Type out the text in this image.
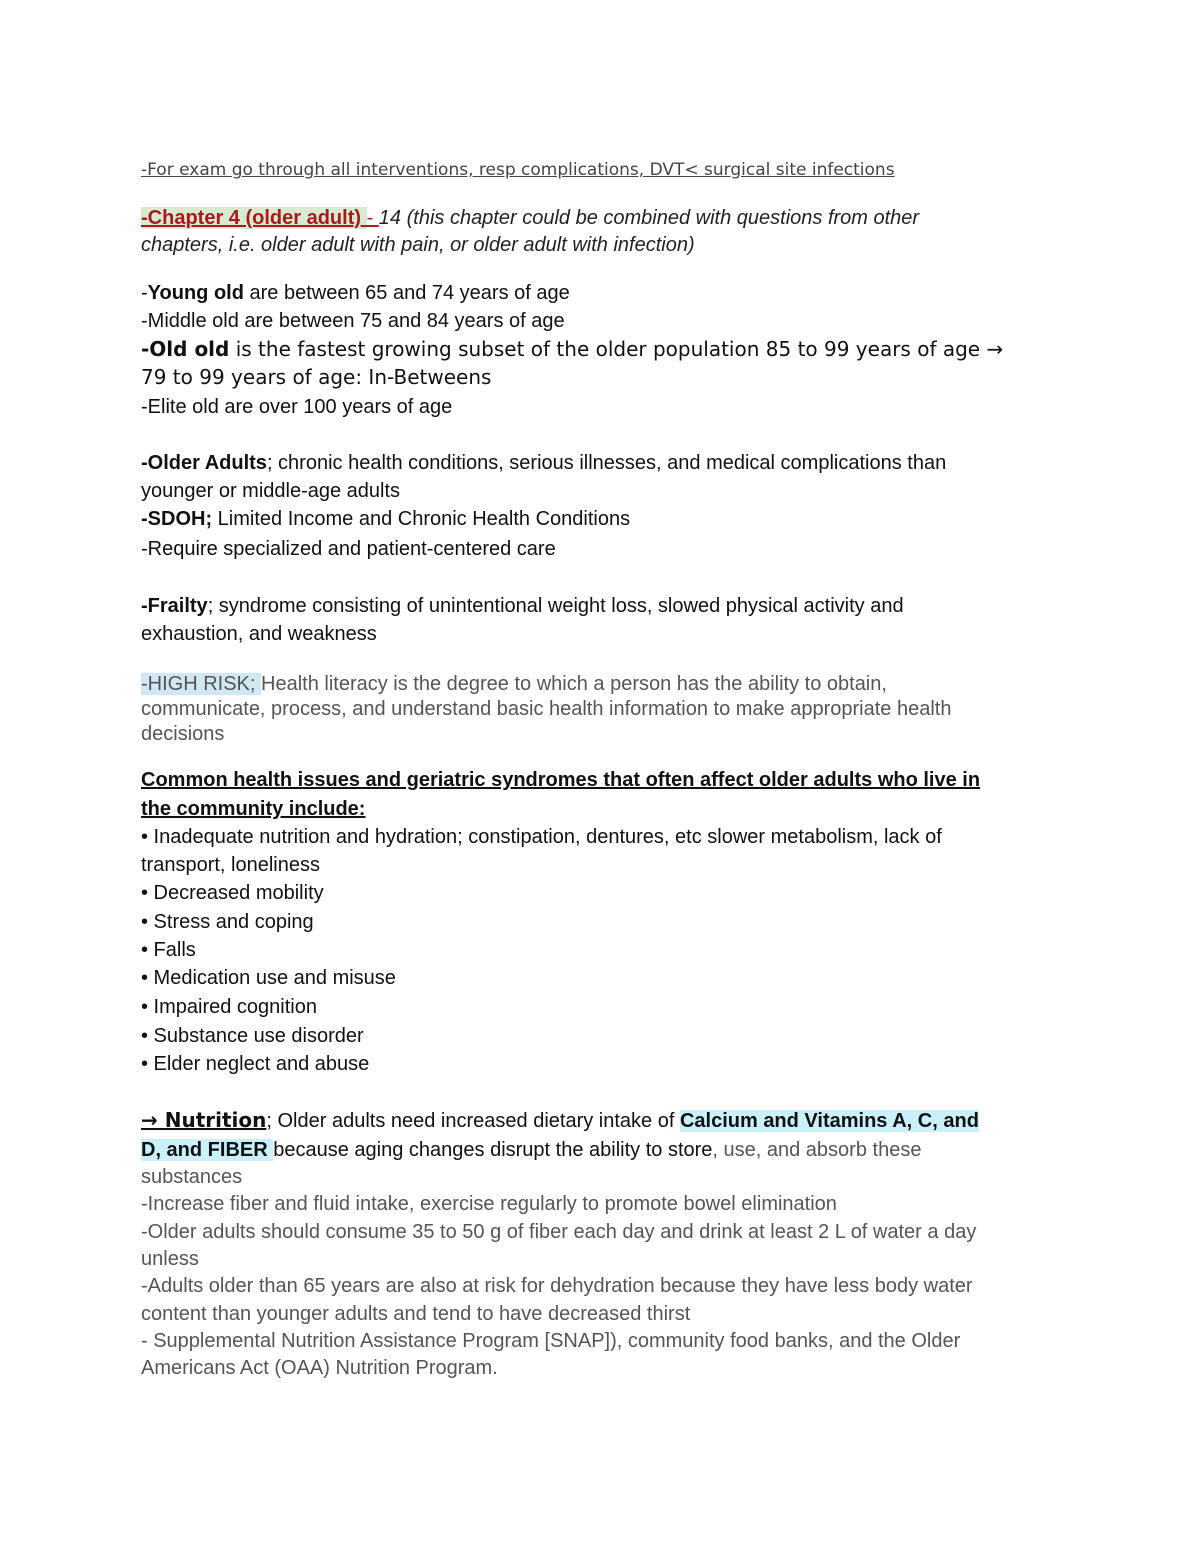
-For exam go through all interventions, resp complications, DVT< surgical site infections
-Chapter 4 (older adult) - 14 (this chapter could be combined with questions from other
chapters, i.e. older adult with pain, or older adult with infection)
-Young old are between 65 and 74 years of age
-Middle old are between 75 and 84 years of age
-Old old is the fastest growing subset of the older population 85 to 99 years of age →
79 to 99 years of age: In-Betweens
-Elite old are over 100 years of age
-Older Adults; chronic health conditions, serious illnesses, and medical complications than
younger or middle-age adults
-SDOH; Limited Income and Chronic Health Conditions
-Require specialized and patient-centered care
-Frailty; syndrome consisting of unintentional weight loss, slowed physical activity and
exhaustion, and weakness
-HIGH RISK; Health literacy is the degree to which a person has the ability to obtain,
communicate, process, and understand basic health information to make appropriate health
decisions
Common health issues and geriatric syndromes that often affect older adults who live in
the community include:
• Inadequate nutrition and hydration; constipation, dentures, etc slower metabolism, lack of
transport, loneliness
• Decreased mobility
• Stress and coping
• Falls
• Medication use and misuse
• Impaired cognition
• Substance use disorder
• Elder neglect and abuse
→ Nutrition; Older adults need increased dietary intake of Calcium and Vitamins A, C, and
D, and FIBER because aging changes disrupt the ability to store, use, and absorb these
substances
-Increase fiber and fluid intake, exercise regularly to promote bowel elimination
-Older adults should consume 35 to 50 g of fiber each day and drink at least 2 L of water a day
unless
-Adults older than 65 years are also at risk for dehydration because they have less body water
content than younger adults and tend to have decreased thirst
- Supplemental Nutrition Assistance Program [SNAP]), community food banks, and the Older
Americans Act (OAA) Nutrition Program.
